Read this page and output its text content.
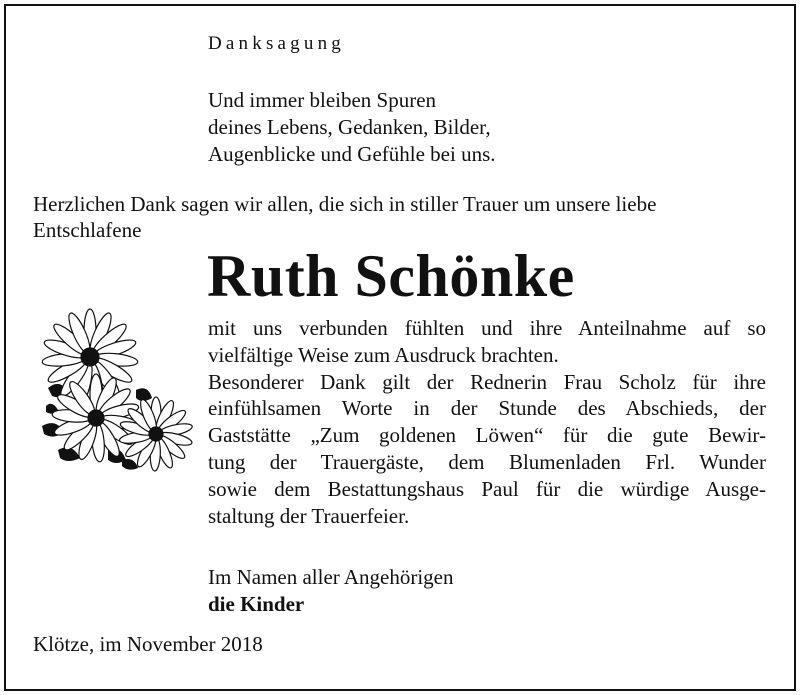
Danksagung
Und immer bleiben Spuren
deines Lebens, Gedanken, Bilder,
Augenblicke und Gefühle bei uns.
Herzlichen Dank sagen wir allen, die sich in stiller Trauer um unsere liebe
Entschlafene
Ruth Schönke
mit uns verbunden fühlten und ihre Anteilnahme auf so
vielfältige Weise zum Ausdruck brachten.
Besonderer Dank gilt der Rednerin Frau Scholz für ihre
einfühlsamen Worte in der Stunde des Abschieds, der
Gaststätte „Zum goldenen Löwen“ für die gute Bewir-
tung der Trauergäste, dem Blumenladen Frl. Wunder
sowie dem Bestattungshaus Paul für die würdige Ausge-
staltung der Trauerfeier.
Im Namen aller Angehörigen
die Kinder
Klötze, im November 2018
